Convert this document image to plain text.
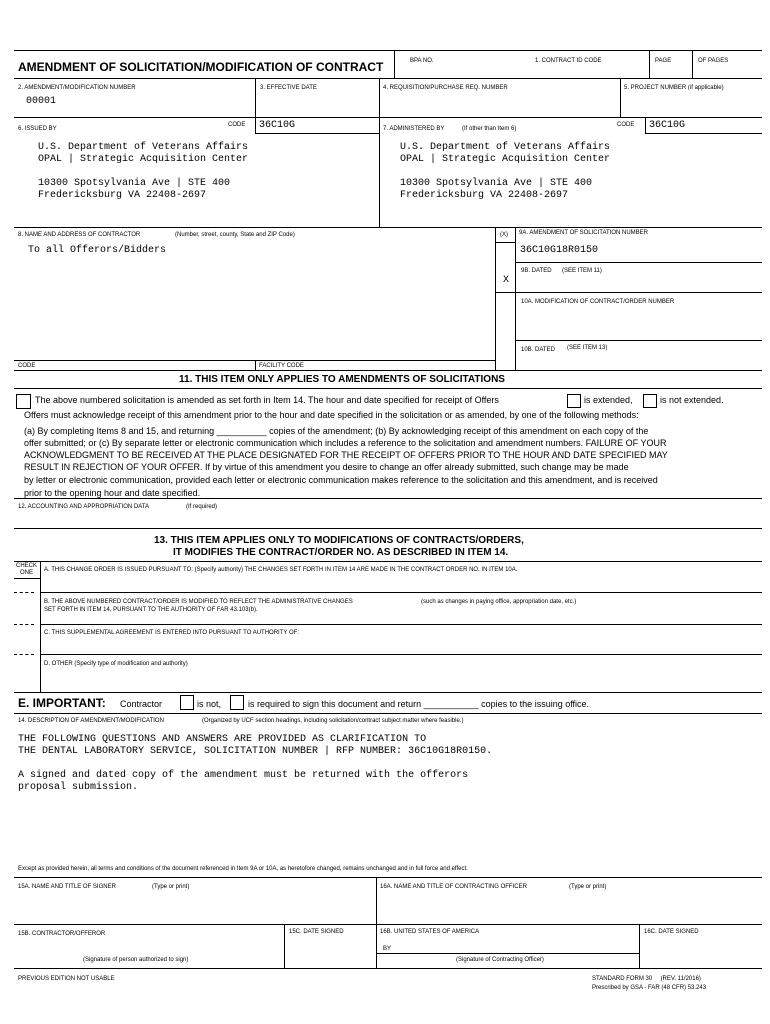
AMENDMENT OF SOLICITATION/MODIFICATION OF CONTRACT	BPA NO.	1. CONTRACT ID CODE	PAGE	OF PAGES
2. AMENDMENT/MODIFICATION NUMBER
00001
3. EFFECTIVE DATE	4. REQUISITION/PURCHASE REQ. NUMBER	5. PROJECT NUMBER (if applicable)
6. ISSUED BY
CODE 36C10G
U.S. Department of Veterans Affairs
OPAL | Strategic Acquisition Center

10300 Spotsylvania Ave | STE 400
Fredericksburg VA 22408-2697
7. ADMINISTERED BY	(If other than Item 6)
CODE 36C10G
U.S. Department of Veterans Affairs
OPAL | Strategic Acquisition Center

10300 Spotsylvania Ave | STE 400
Fredericksburg VA 22408-2697
8. NAME AND ADDRESS OF CONTRACTOR	(Number, street, county, State and ZIP Code)
To all Offerors/Bidders
CODE	FACILITY CODE
(X) 9A. AMENDMENT OF SOLICITATION NUMBER
36C10G18R0150
9B. DATED (SEE ITEM 11)
X
10A. MODIFICATION OF CONTRACT/ORDER NUMBER
10B. DATED (SEE ITEM 13)
11. THIS ITEM ONLY APPLIES TO AMENDMENTS OF SOLICITATIONS
The above numbered solicitation is amended as set forth in Item 14. The hour and date specified for receipt of Offers	is extended,	is not extended.
Offers must acknowledge receipt of this amendment prior to the hour and date specified in the solicitation or as amended, by one of the following methods:
(a) By completing Items 8 and 15, and returning __________ copies of the amendment; (b) By acknowledging receipt of this amendment on each copy of the
offer submitted; or (c) By separate letter or electronic communication which includes a reference to the solicitation and amendment numbers. FAILURE OF YOUR
ACKNOWLEDGMENT TO BE RECEIVED AT THE PLACE DESIGNATED FOR THE RECEIPT OF OFFERS PRIOR TO THE HOUR AND DATE SPECIFIED MAY
RESULT IN REJECTION OF YOUR OFFER. If by virtue of this amendment you desire to change an offer already submitted, such change may be made
by letter or electronic communication, provided each letter or electronic communication makes reference to the solicitation and this amendment, and is received
prior to the opening hour and date specified.
12. ACCOUNTING AND APPROPRIATION DATA	(If required)
13. THIS ITEM APPLIES ONLY TO MODIFICATIONS OF CONTRACTS/ORDERS,
IT MODIFIES THE CONTRACT/ORDER NO. AS DESCRIBED IN ITEM 14.
CHECK
ONE A. THIS CHANGE ORDER IS ISSUED PURSUANT TO: (Specify authority) THE CHANGES SET FORTH IN ITEM 14 ARE MADE IN THE CONTRACT ORDER NO. IN ITEM 10A.
B. THE ABOVE NUMBERED CONTRACT/ORDER IS MODIFIED TO REFLECT THE ADMINISTRATIVE CHANGES	(such as changes in paying office, appropriation date, etc.)
SET FORTH IN ITEM 14, PURSUANT TO THE AUTHORITY OF FAR 43.103(b).
C. THIS SUPPLEMENTAL AGREEMENT IS ENTERED INTO PURSUANT TO AUTHORITY OF:
D. OTHER (Specify type of modification and authority)
E. IMPORTANT: Contractor	is not,	is required to sign this document and return ___________ copies to the issuing office.
14. DESCRIPTION OF AMENDMENT/MODIFICATION	(Organized by UCF section headings, including solicitation/contract subject matter where feasible.)
THE FOLLOWING QUESTIONS AND ANSWERS ARE PROVIDED AS CLARIFICATION TO
THE DENTAL LABORATORY SERVICE, SOLICITATION NUMBER | RFP NUMBER: 36C10G18R0150.

A signed and dated copy of the amendment must be returned with the offerors
proposal submission.
Except as provided herein, all terms and conditions of the document referenced in Item 9A or 10A, as heretofore changed, remains unchanged and in full force and effect.
15A. NAME AND TITLE OF SIGNER	(Type or print)	16A. NAME AND TITLE OF CONTRACTING OFFICER	(Type or print)
15B. CONTRACTOR/OFFEROR	15C. DATE SIGNED	16B. UNITED STATES OF AMERICA	16C. DATE SIGNED
BY
(Signature of person authorized to sign)	(Signature of Contracting Officer)
PREVIOUS EDITION NOT USABLE	STANDARD FORM 30     (REV. 11/2016)
Prescribed by GSA - FAR (48 CFR) 53.243
